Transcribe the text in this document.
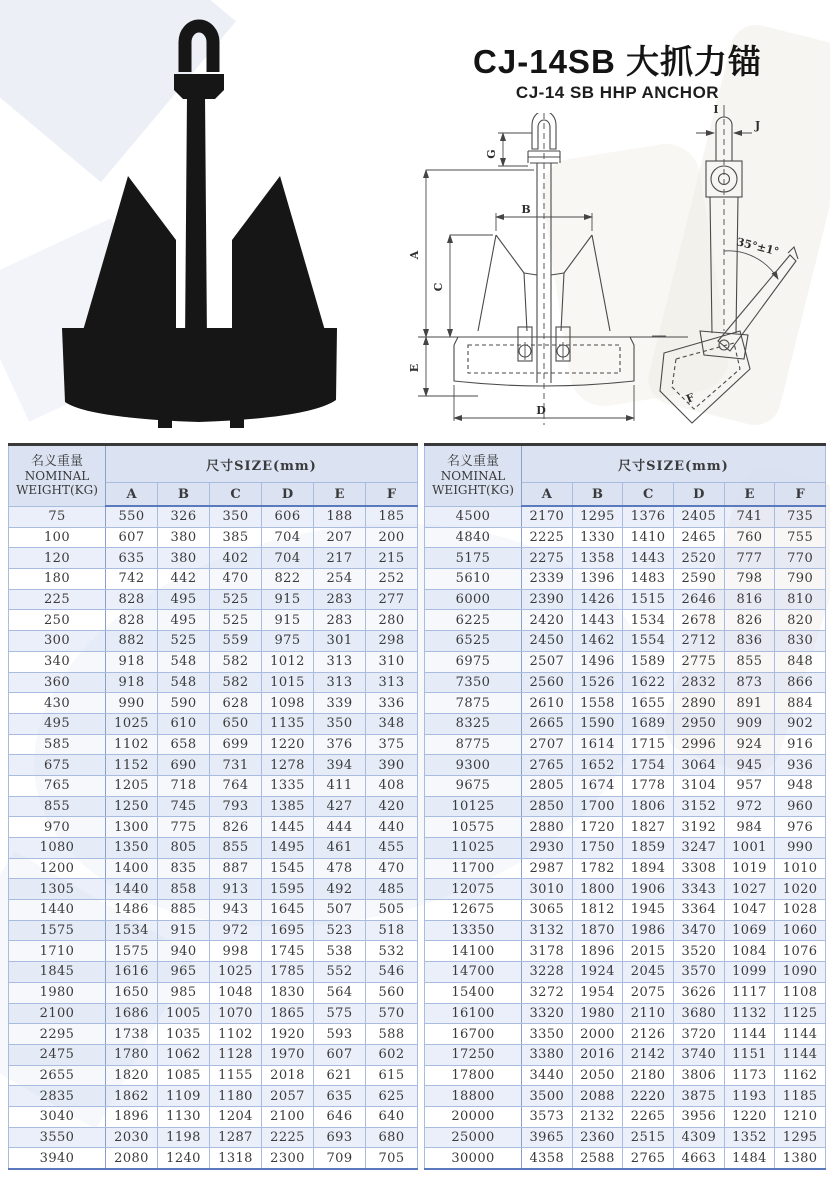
CJ-14SB 大抓力锚
CJ-14 SB HHP ANCHOR
G
B
A
C
E
D
I
J
35°±1°
F
名义重量
NOMINAL
WEIGHT(KG)	尺寸SIZE(mm)					
	A	B	C	D	E	F
75	550	326	350	606	188	185
100	607	380	385	704	207	200
120	635	380	402	704	217	215
180	742	442	470	822	254	252
225	828	495	525	915	283	277
250	828	495	525	915	283	280
300	882	525	559	975	301	298
340	918	548	582	1012	313	310
360	918	548	582	1015	313	313
430	990	590	628	1098	339	336
495	1025	610	650	1135	350	348
585	1102	658	699	1220	376	375
675	1152	690	731	1278	394	390
765	1205	718	764	1335	411	408
855	1250	745	793	1385	427	420
970	1300	775	826	1445	444	440
1080	1350	805	855	1495	461	455
1200	1400	835	887	1545	478	470
1305	1440	858	913	1595	492	485
1440	1486	885	943	1645	507	505
1575	1534	915	972	1695	523	518
1710	1575	940	998	1745	538	532
1845	1616	965	1025	1785	552	546
1980	1650	985	1048	1830	564	560
2100	1686	1005	1070	1865	575	570
2295	1738	1035	1102	1920	593	588
2475	1780	1062	1128	1970	607	602
2655	1820	1085	1155	2018	621	615
2835	1862	1109	1180	2057	635	625
3040	1896	1130	1204	2100	646	640
3550	2030	1198	1287	2225	693	680
3940	2080	1240	1318	2300	709	705
名义重量
NOMINAL
WEIGHT(KG)	尺寸SIZE(mm)					
	A	B	C	D	E	F
4500	2170	1295	1376	2405	741	735
4840	2225	1330	1410	2465	760	755
5175	2275	1358	1443	2520	777	770
5610	2339	1396	1483	2590	798	790
6000	2390	1426	1515	2646	816	810
6225	2420	1443	1534	2678	826	820
6525	2450	1462	1554	2712	836	830
6975	2507	1496	1589	2775	855	848
7350	2560	1526	1622	2832	873	866
7875	2610	1558	1655	2890	891	884
8325	2665	1590	1689	2950	909	902
8775	2707	1614	1715	2996	924	916
9300	2765	1652	1754	3064	945	936
9675	2805	1674	1778	3104	957	948
10125	2850	1700	1806	3152	972	960
10575	2880	1720	1827	3192	984	976
11025	2930	1750	1859	3247	1001	990
11700	2987	1782	1894	3308	1019	1010
12075	3010	1800	1906	3343	1027	1020
12675	3065	1812	1945	3364	1047	1028
13350	3132	1870	1986	3470	1069	1060
14100	3178	1896	2015	3520	1084	1076
14700	3228	1924	2045	3570	1099	1090
15400	3272	1954	2075	3626	1117	1108
16100	3320	1980	2110	3680	1132	1125
16700	3350	2000	2126	3720	1144	1144
17250	3380	2016	2142	3740	1151	1144
17800	3440	2050	2180	3806	1173	1162
18800	3500	2088	2220	3875	1193	1185
20000	3573	2132	2265	3956	1220	1210
25000	3965	2360	2515	4309	1352	1295
30000	4358	2588	2765	4663	1484	1380
